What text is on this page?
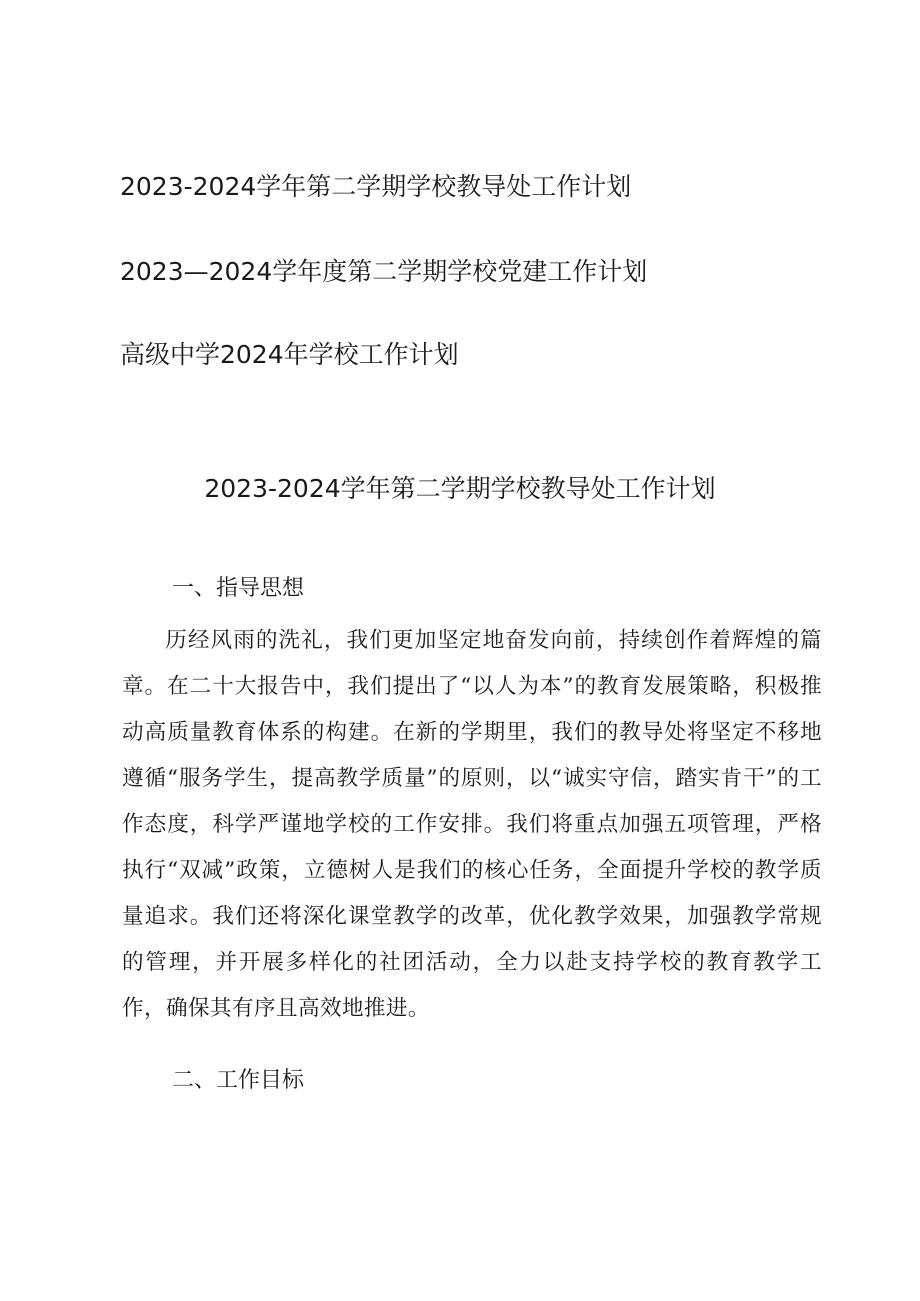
2023-2024学年第二学期学校教导处工作计划
2023—2024学年度第二学期学校党建工作计划
高级中学2024年学校工作计划
2023-2024学年第二学期学校教导处工作计划
一、指导思想

历经风雨的洗礼，我们更加坚定地奋发向前，持续创作着辉煌的篇章。在二十大报告中，我们提出了“以人为本”的教育发展策略，积极推动高质量教育体系的构建。在新的学期里，我们的教导处将坚定不移地遵循“服务学生，提高教学质量”的原则，以“诚实守信，踏实肯干”的工作态度，科学严谨地学校的工作安排。我们将重点加强五项管理，严格执行“双减”政策，立德树人是我们的核心任务，全面提升学校的教学质量追求。我们还将深化课堂教学的改革，优化教学效果，加强教学常规的管理，并开展多样化的社团活动，全力以赴支持学校的教育教学工作，确保其有序且高效地推进。

二、工作目标
